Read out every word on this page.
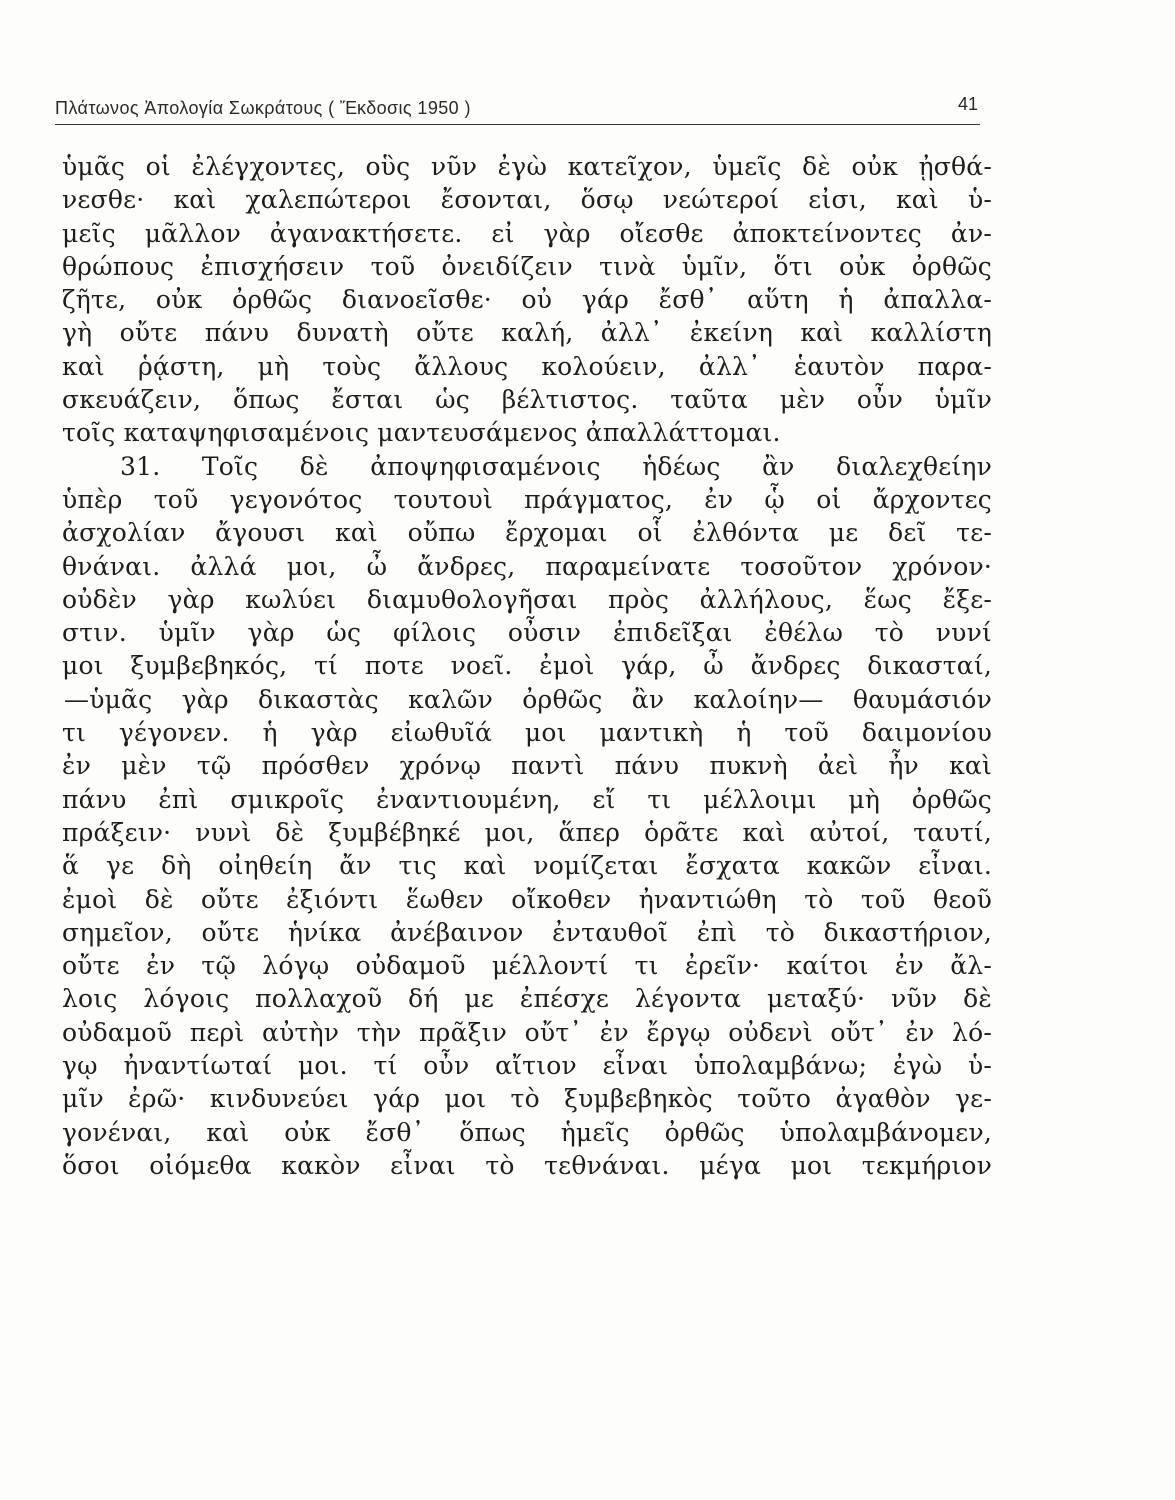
Πλάτωνος Ἀπολογία Σωκράτους ( Ἔκδοσις 1950 )	41
ὑμᾶς οἱ ἐλέγχοντες, οὓς νῦν ἐγὼ κατεῖχον, ὑμεῖς δὲ οὐκ ᾐσθά-
νεσθε· καὶ χαλεπώτεροι ἔσονται, ὅσῳ νεώτεροί εἰσι, καὶ ὑ-
μεῖς μᾶλλον ἀγανακτήσετε. εἰ γὰρ οἴεσθε ἀποκτείνοντες ἀν-
θρώπους ἐπισχήσειν τοῦ ὀνειδίζειν τινὰ ὑμῖν, ὅτι οὐκ ὀρθῶς
ζῆτε, οὐκ ὀρθῶς διανοεῖσθε· οὐ γάρ ἔσθ᾽ αὕτη ἡ ἀπαλλα-
γὴ οὔτε πάνυ δυνατὴ οὔτε καλή, ἀλλ᾽ ἐκείνη καὶ καλλίστη
καὶ ῥᾴστη, μὴ τοὺς ἄλλους κολούειν, ἀλλ᾽ ἑαυτὸν παρα-
σκευάζειν, ὅπως ἔσται ὡς βέλτιστος. ταῦτα μὲν οὖν ὑμῖν
τοῖς καταψηφισαμένοις μαντευσάμενος ἀπαλλάττομαι.
31. Τοῖς δὲ ἀποψηφισαμένοις ἡδέως ἂν διαλεχθείην
ὑπὲρ τοῦ γεγονότος τουτουὶ πράγματος, ἐν ᾧ οἱ ἄρχοντες
ἀσχολίαν ἄγουσι καὶ οὔπω ἔρχομαι οἷ ἐλθόντα με δεῖ τε-
θνάναι. ἀλλά μοι, ὦ ἄνδρες, παραμείνατε τοσοῦτον χρόνον·
οὐδὲν γὰρ κωλύει διαμυθολογῆσαι πρὸς ἀλλήλους, ἕως ἔξε-
στιν. ὑμῖν γὰρ ὡς φίλοις οὖσιν ἐπιδεῖξαι ἐθέλω τὸ νυνί
μοι ξυμβεβηκός, τί ποτε νοεῖ. ἐμοὶ γάρ, ὦ ἄνδρες δικασταί,
—ὑμᾶς γὰρ δικαστὰς καλῶν ὀρθῶς ἂν καλοίην— θαυμάσιόν
τι γέγονεν. ἡ γὰρ εἰωθυῖά μοι μαντικὴ ἡ τοῦ δαιμονίου
ἐν μὲν τῷ πρόσθεν χρόνῳ παντὶ πάνυ πυκνὴ ἀεὶ ἦν καὶ
πάνυ ἐπὶ σμικροῖς ἐναντιουμένη, εἴ τι μέλλοιμι μὴ ὀρθῶς
πράξειν· νυνὶ δὲ ξυμβέβηκέ μοι, ἅπερ ὁρᾶτε καὶ αὐτοί, ταυτί,
ἅ γε δὴ οἰηθείη ἄν τις καὶ νομίζεται ἔσχατα κακῶν εἶναι.
ἐμοὶ δὲ οὔτε ἐξιόντι ἕωθεν οἴκοθεν ἠναντιώθη τὸ τοῦ θεοῦ
σημεῖον, οὔτε ἡνίκα ἀνέβαινον ἐνταυθοῖ ἐπὶ τὸ δικαστήριον,
οὔτε ἐν τῷ λόγῳ οὐδαμοῦ μέλλοντί τι ἐρεῖν· καίτοι ἐν ἄλ-
λοις λόγοις πολλαχοῦ δή με ἐπέσχε λέγοντα μεταξύ· νῦν δὲ
οὐδαμοῦ περὶ αὐτὴν τὴν πρᾶξιν οὔτ᾽ ἐν ἔργῳ οὐδενὶ οὔτ᾽ ἐν λό-
γῳ ἠναντίωταί μοι. τί οὖν αἴτιον εἶναι ὑπολαμβάνω; ἐγὼ ὑ-
μῖν ἐρῶ· κινδυνεύει γάρ μοι τὸ ξυμβεβηκὸς τοῦτο ἀγαθὸν γε-
γονέναι, καὶ οὐκ ἔσθ᾽ ὅπως ἡμεῖς ὀρθῶς ὑπολαμβάνομεν,
ὅσοι οἰόμεθα κακὸν εἶναι τὸ τεθνάναι. μέγα μοι τεκμήριον
